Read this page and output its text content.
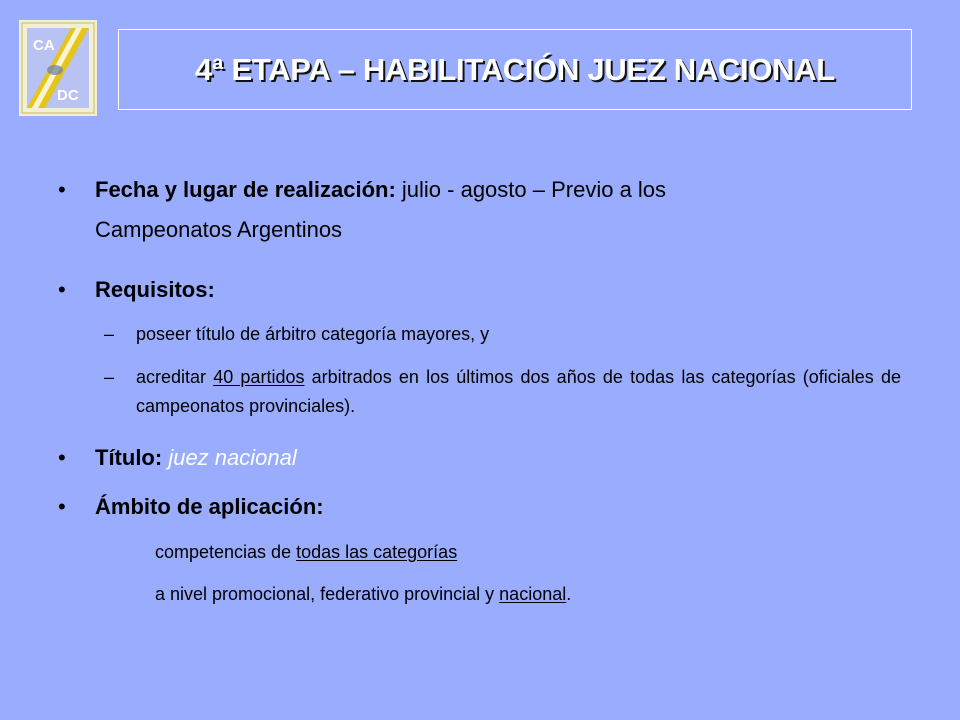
CA
DC
4ª ETAPA – HABILITACIÓN JUEZ NACIONAL
• Fecha y lugar de realización: julio - agosto – Previo a los
Campeonatos Argentinos
• Requisitos:
– poseer título de árbitro categoría mayores, y
– acreditar 40 partidos arbitrados en los últimos dos años de todas las categorías (oficiales de campeonatos provinciales).
• Título: juez nacional
• Ámbito de aplicación:
competencias de todas las categorías
a nivel promocional, federativo provincial y nacional.
